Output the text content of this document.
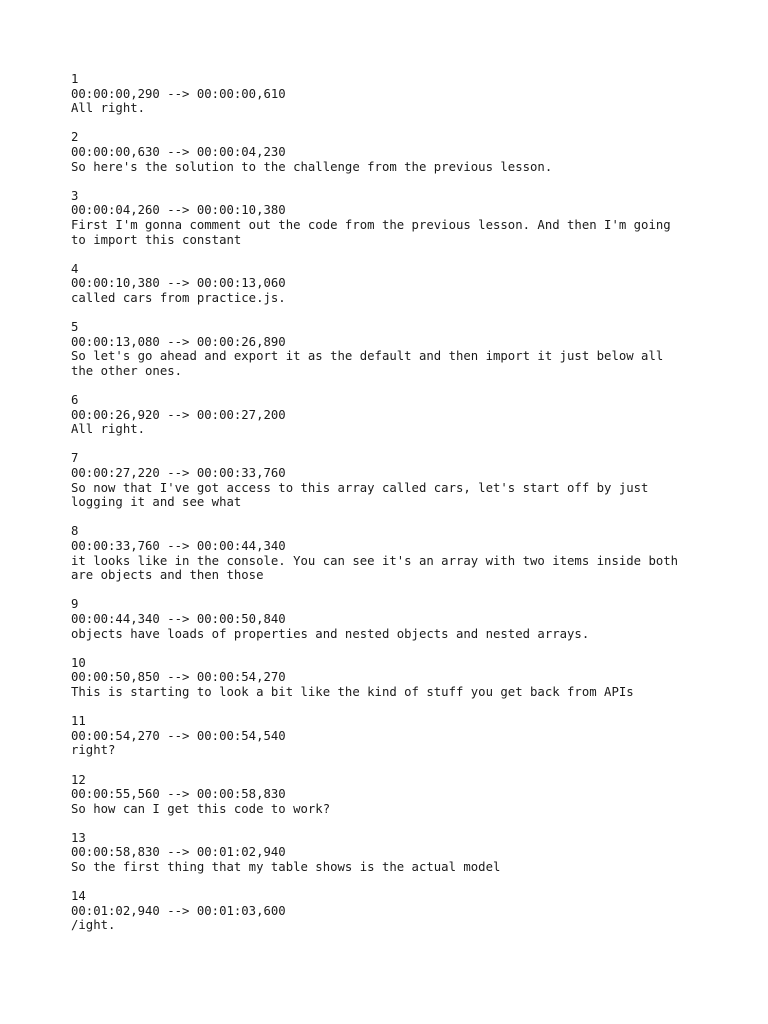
1
00:00:00,290 --> 00:00:00,610
All right.
2
00:00:00,630 --> 00:00:04,230
So here's the solution to the challenge from the previous lesson.
3
00:00:04,260 --> 00:00:10,380
First I'm gonna comment out the code from the previous lesson. And then I'm going
to import this constant
4
00:00:10,380 --> 00:00:13,060
called cars from practice.js.
5
00:00:13,080 --> 00:00:26,890
So let's go ahead and export it as the default and then import it just below all
the other ones.
6
00:00:26,920 --> 00:00:27,200
All right.
7
00:00:27,220 --> 00:00:33,760
So now that I've got access to this array called cars, let's start off by just
logging it and see what
8
00:00:33,760 --> 00:00:44,340
it looks like in the console. You can see it's an array with two items inside both
are objects and then those
9
00:00:44,340 --> 00:00:50,840
objects have loads of properties and nested objects and nested arrays.
10
00:00:50,850 --> 00:00:54,270
This is starting to look a bit like the kind of stuff you get back from APIs
11
00:00:54,270 --> 00:00:54,540
right?
12
00:00:55,560 --> 00:00:58,830
So how can I get this code to work?
13
00:00:58,830 --> 00:01:02,940
So the first thing that my table shows is the actual model
14
00:01:02,940 --> 00:01:03,600
/ight.
